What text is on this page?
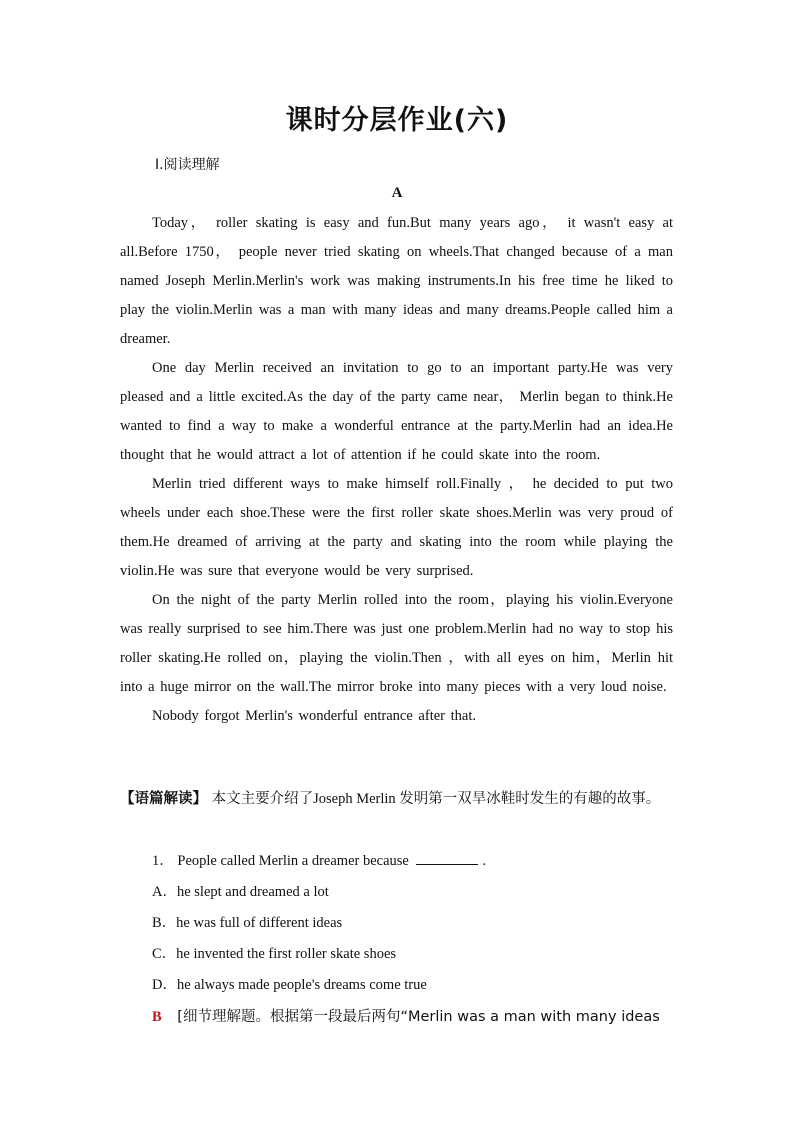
课时分层作业(六)
Ⅰ.阅读理解
A

Today， roller skating is easy and fun.But many years ago， it wasn't easy at all.Before 1750， people never tried skating on wheels.That changed because of a man named Joseph Merlin.Merlin's work was making instruments.In his free time he liked to play the violin.Merlin was a man with many ideas and many dreams.People called him a dreamer.

One day Merlin received an invitation to go to an important party.He was very pleased and a little excited.As the day of the party came near， Merlin began to think.He wanted to find a way to make a wonderful entrance at the party.Merlin had an idea.He thought that he would attract a lot of attention if he could skate into the room.

Merlin tried different ways to make himself roll.Finally ， he decided to put two wheels under each shoe.These were the first roller skate shoes.Merlin was very proud of them.He dreamed of arriving at the party and skating into the room while playing the violin.He was sure that everyone would be very surprised.

On the night of the party Merlin rolled into the room，playing his violin.Everyone was really surprised to see him.There was just one problem.Merlin had no way to stop his roller skating.He rolled on，playing the violin.Then ，with all eyes on him，Merlin hit into a huge mirror on the wall.The mirror broke into many pieces with a very loud noise.

Nobody forgot Merlin's wonderful entrance after that.

【语篇解读】 本文主要介绍了Joseph Merlin 发明第一双旱冰鞋时发生的有趣的故事。
1． People called Merlin a dreamer because	.
A．he slept and dreamed a lot
B．he was full of different ideas
C．he invented the first roller skate shoes
D．he always made people's dreams come true
B [细节理解题。根据第一段最后两句“Merlin was a man with many ideas
